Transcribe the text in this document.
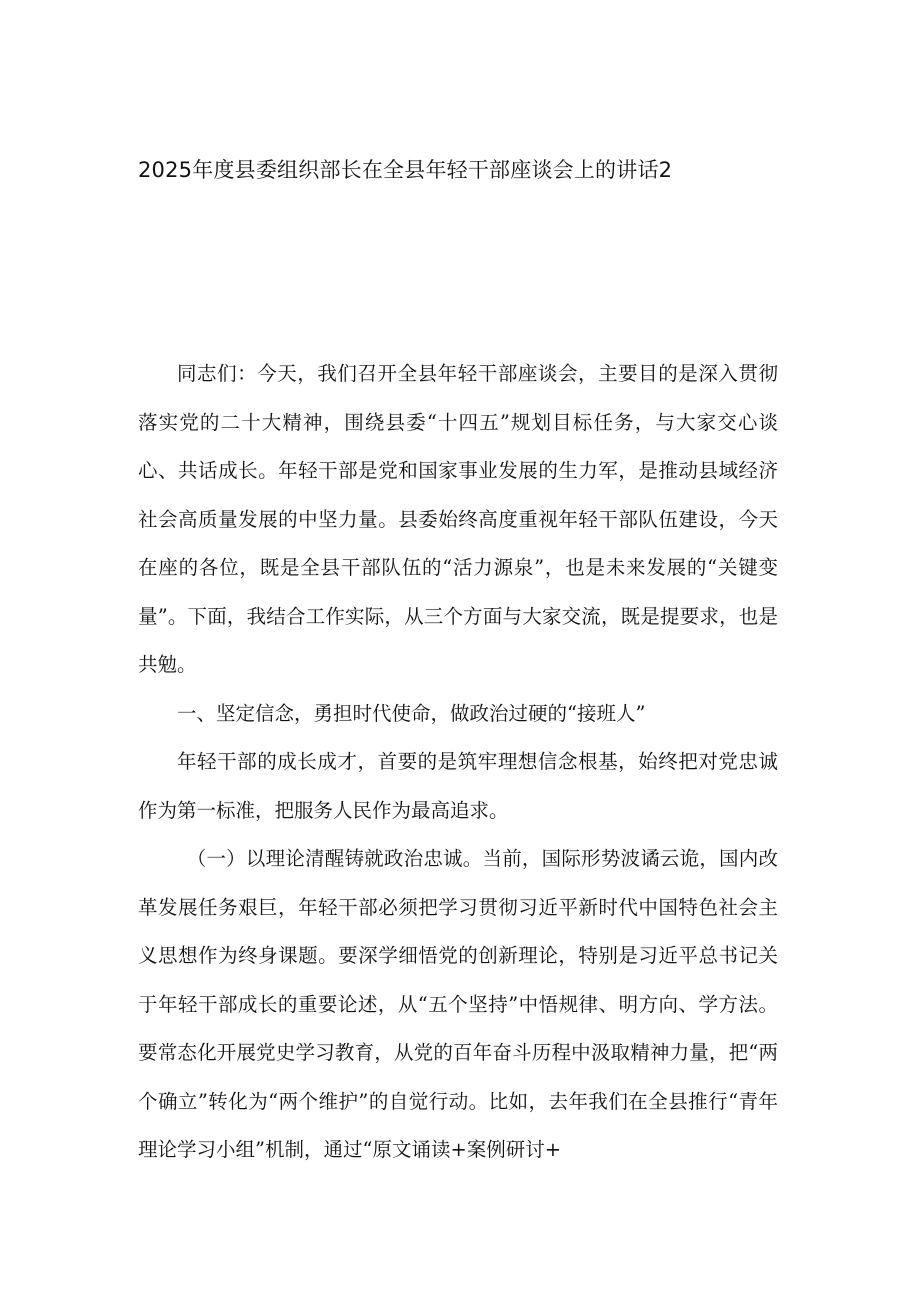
2025年度县委组织部长在全县年轻干部座谈会上的讲话2

同志们：今天，我们召开全县年轻干部座谈会，主要目的是深入贯彻落实党的二十大精神，围绕县委“十四五”规划目标任务，与大家交心谈心、共话成长。年轻干部是党和国家事业发展的生力军，是推动县域经济社会高质量发展的中坚力量。县委始终高度重视年轻干部队伍建设，今天在座的各位，既是全县干部队伍的“活力源泉”，也是未来发展的“关键变量”。下面，我结合工作实际，从三个方面与大家交流，既是提要求，也是共勉。

一、坚定信念，勇担时代使命，做政治过硬的“接班人”

年轻干部的成长成才，首要的是筑牢理想信念根基，始终把对党忠诚作为第一标准，把服务人民作为最高追求。

（一）以理论清醒铸就政治忠诚。当前，国际形势波谲云诡，国内改革发展任务艰巨，年轻干部必须把学习贯彻习近平新时代中国特色社会主义思想作为终身课题。要深学细悟党的创新理论，特别是习近平总书记关于年轻干部成长的重要论述，从“五个坚持”中悟规律、明方向、学方法。要常态化开展党史学习教育，从党的百年奋斗历程中汲取精神力量，把“两个确立”转化为“两个维护”的自觉行动。比如，去年我们在全县推行“青年理论学习小组”机制，通过“原文诵读+案例研讨+
